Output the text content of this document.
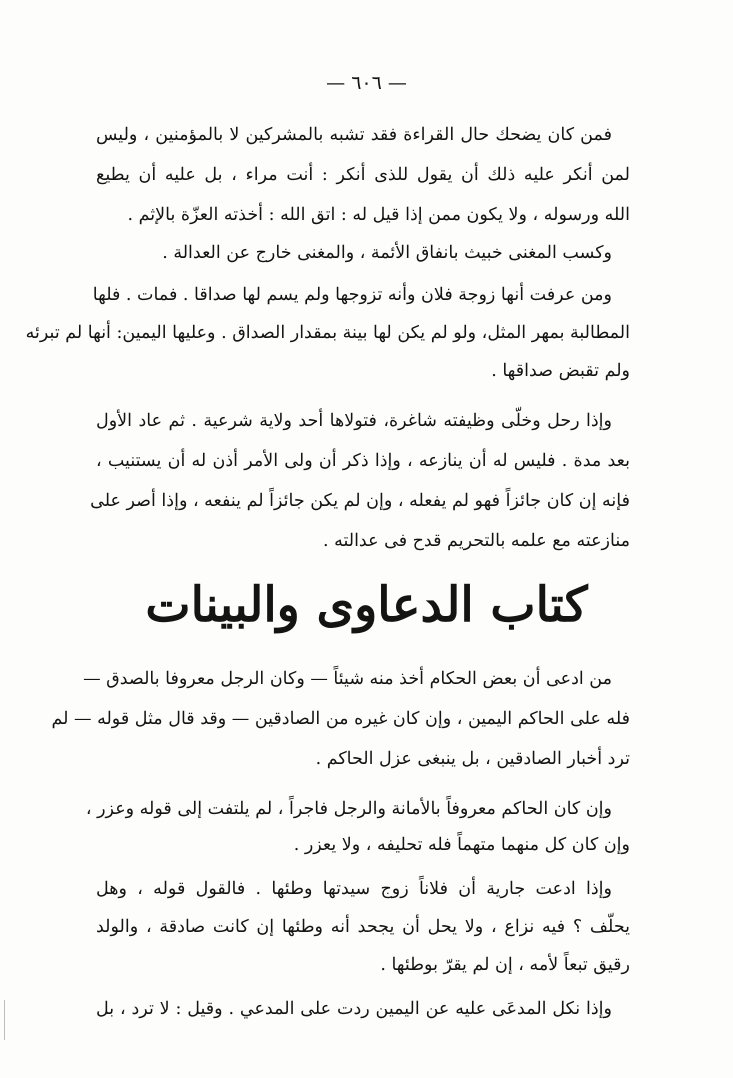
— ٦٠٦ —
فمن كان يضحك حال القراءة فقد تشبه بالمشركين لا بالمؤمنين ، وليس
لمن أنكر عليه ذلك أن يقول للذى أنكر : أنت مراء ، بل عليه أن يطيع
الله ورسوله ، ولا يكون ممن إذا قيل له : اتق الله : أخذته العزّة بالإثم .
وكسب المغنى خبيث بانفاق الأئمة ، والمغنى خارج عن العدالة .
ومن عرفت أنها زوجة فلان وأنه تزوجها ولم يسم لها صداقا . فمات . فلها
المطالبة بمهر المثل، ولو لم يكن لها بينة بمقدار الصداق . وعليها اليمين: أنها لم تبرئه
ولم تقبض صداقها .
وإذا رحل وخلّى وظيفته شاغرة، فتولاها أحد ولاية شرعية . ثم عاد الأول
بعد مدة . فليس له أن ينازعه ، وإذا ذكر أن ولى الأمر أذن له أن يستنيب ،
فإنه إن كان جائزاً فهو لم يفعله ، وإن لم يكن جائزاً لم ينفعه ، وإذا أصر على
منازعته مع علمه بالتحريم قدح فى عدالته .
كتاب الدعاوى والبينات
من ادعى أن بعض الحكام أخذ منه شيئاً — وكان الرجل معروفا بالصدق —
فله على الحاكم اليمين ، وإن كان غيره من الصادقين — وقد قال مثل قوله — لم
ترد أخبار الصادقين ، بل ينبغى عزل الحاكم .
وإن كان الحاكم معروفاً بالأمانة والرجل فاجراً ، لم يلتفت إلى قوله وعزر ،
وإن كان كل منهما متهماً فله تحليفه ، ولا يعزر .
وإذا ادعت جارية أن فلاناً زوج سيدتها وطئها . فالقول قوله ، وهل
يحلّف ؟ فيه نزاع ، ولا يحل أن يجحد أنه وطئها إن كانت صادقة ، والولد
رقيق تبعاً لأمه ، إن لم يقرّ بوطئها .
وإذا نكل المدعَى عليه عن اليمين ردت على المدعي . وقيل : لا ترد ، بل
